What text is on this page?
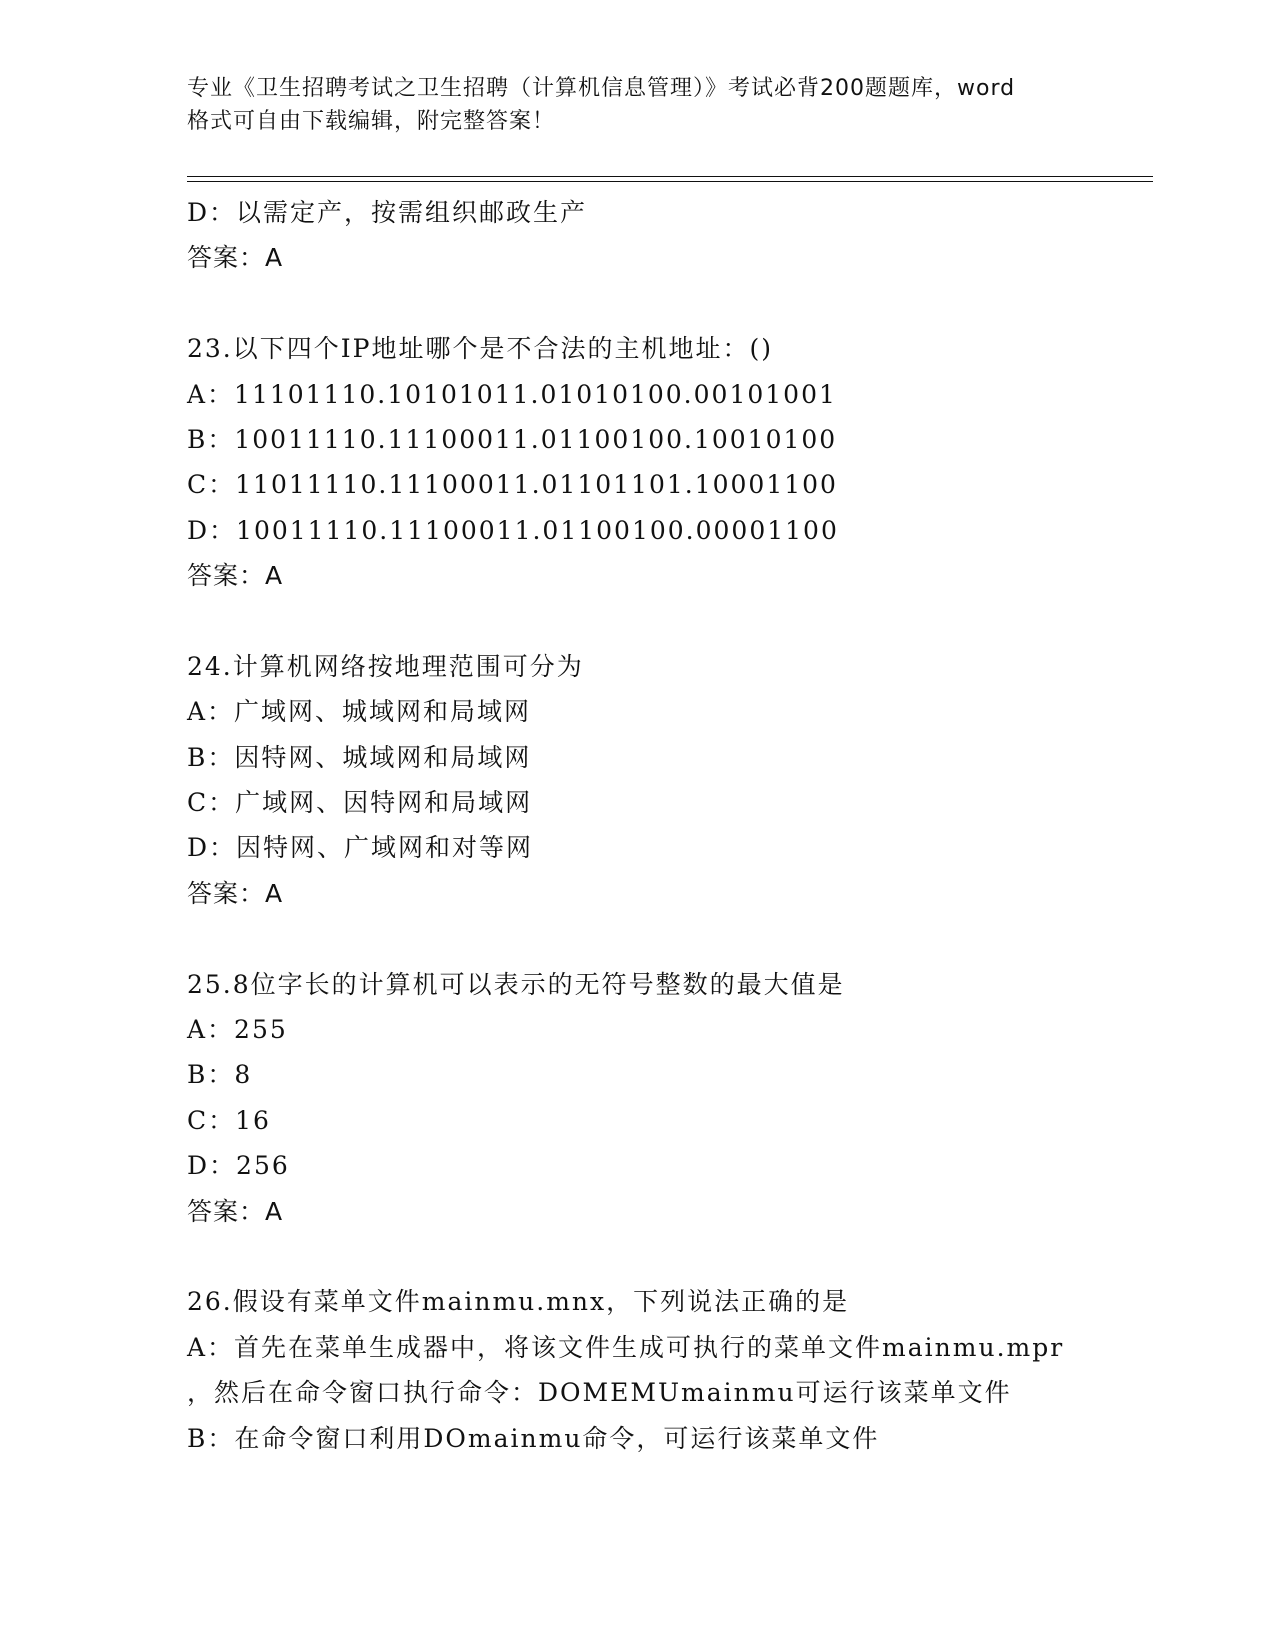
专业《卫生招聘考试之卫生招聘（计算机信息管理）》考试必背200题题库，word
格式可自由下载编辑，附完整答案！
D：以需定产，按需组织邮政生产
答案：A
23.以下四个IP地址哪个是不合法的主机地址：()
A：11101110.10101011.01010100.00101001
B：10011110.11100011.01100100.10010100
C：11011110.11100011.01101101.10001100
D：10011110.11100011.01100100.00001100
答案：A
24.计算机网络按地理范围可分为
A：广域网、城域网和局域网
B：因特网、城域网和局域网
C：广域网、因特网和局域网
D：因特网、广域网和对等网
答案：A
25.8位字长的计算机可以表示的无符号整数的最大值是
A：255
B：8
C：16
D：256
答案：A
26.假设有菜单文件mainmu.mnx，下列说法正确的是
A：首先在菜单生成器中，将该文件生成可执行的菜单文件mainmu.mpr
，然后在命令窗口执行命令：DOMEMUmainmu可运行该菜单文件
B：在命令窗口利用DOmainmu命令，可运行该菜单文件
